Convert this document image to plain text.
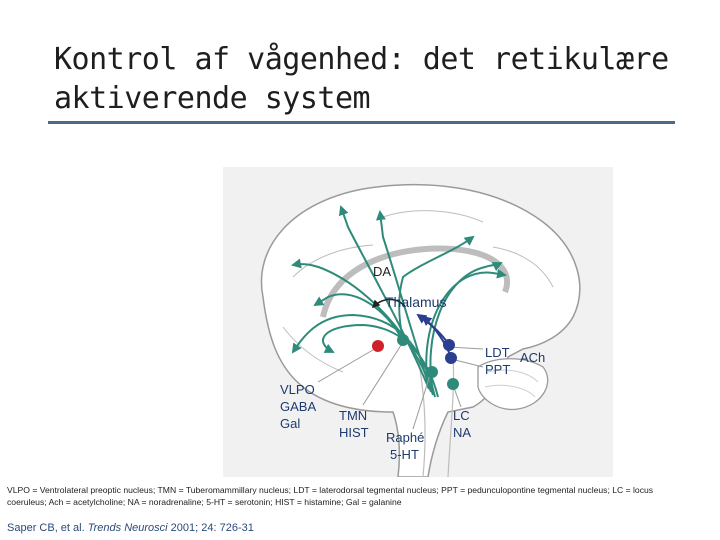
Kontrol af vågenhed: det retikulære aktiverende system
DA
Thalamus
LDT
PPT
ACh
VLPO
GABA
Gal
TMN
HIST Raphé
5-HT
LC
NA
VLPO = Ventrolateral preoptic nucleus; TMN = Tuberomammillary nucleus; LDT = laterodorsal tegmental nucleus; PPT = pedunculopontine tegmental nucleus; LC = locus coeruleus; Ach = acetylcholine; NA = noradrenaline; 5-HT = serotonin; HIST = histamine; Gal = galanine
Saper CB, et al. Trends Neurosci 2001; 24: 726-31
